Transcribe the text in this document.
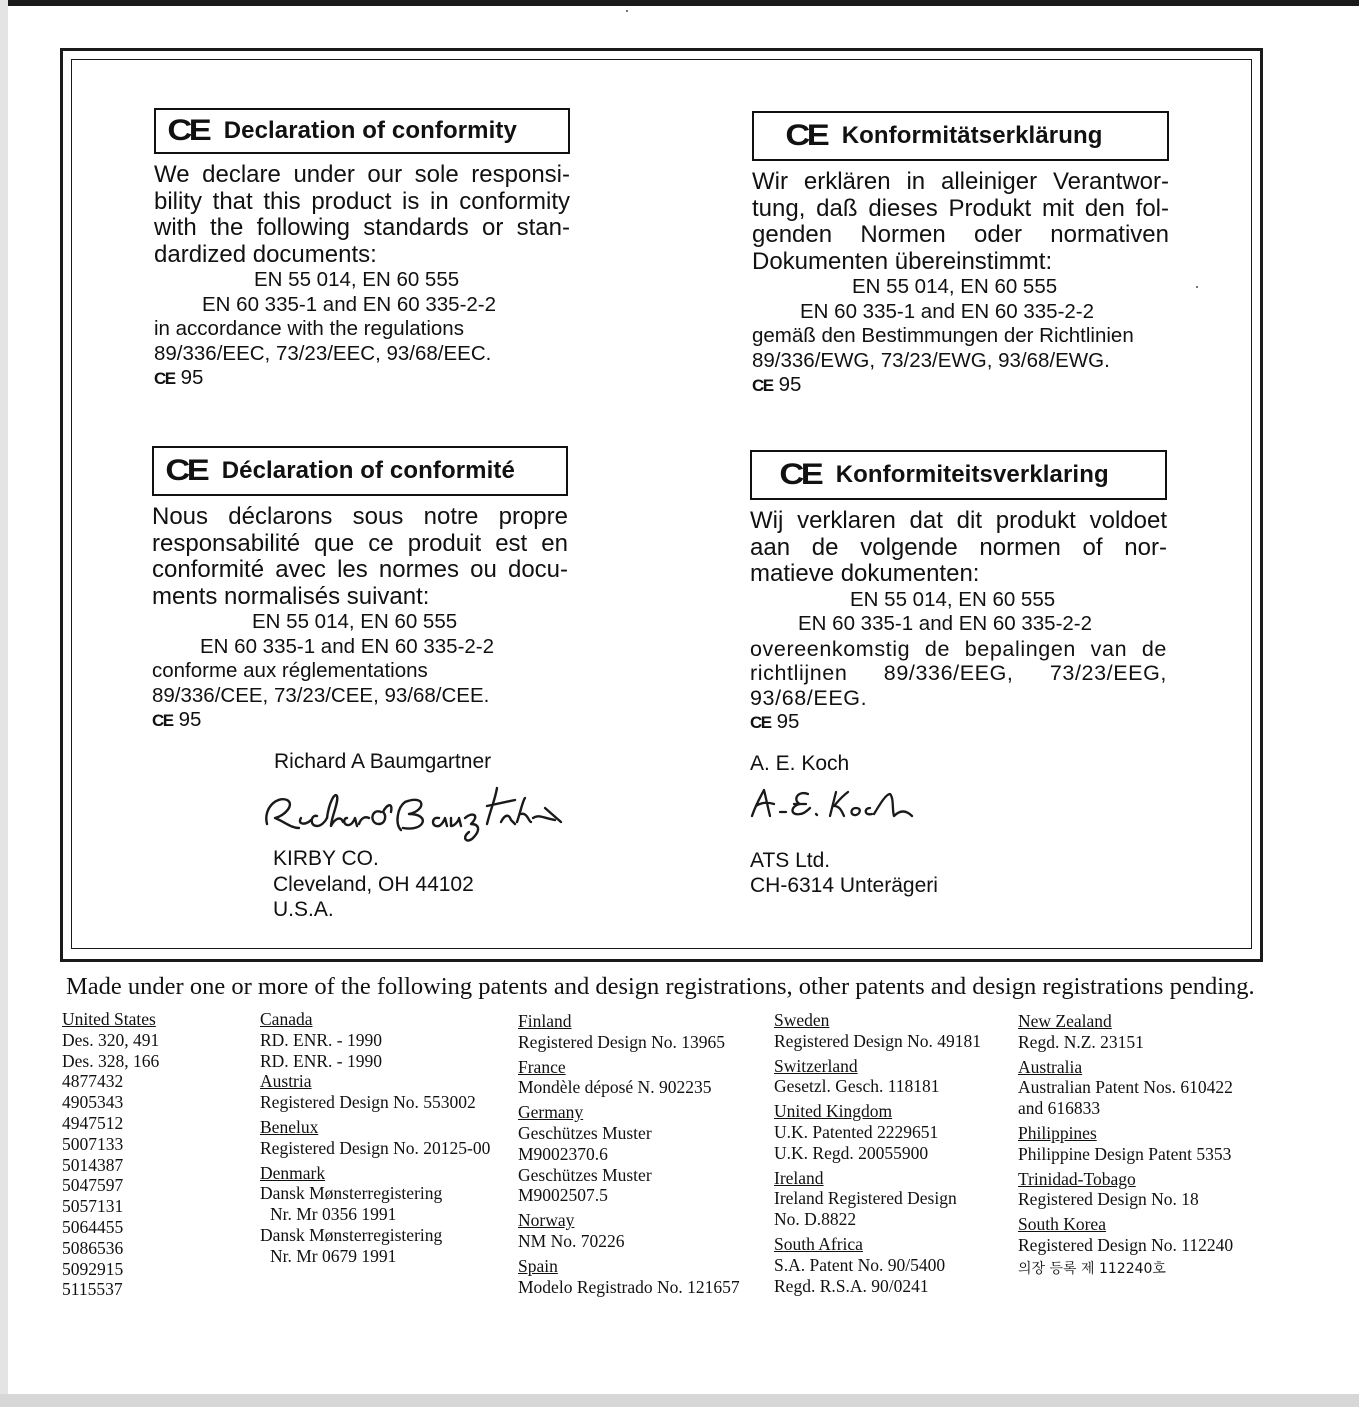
CE Declaration of conformity
We declare under our sole responsi-bility that this product is in conformity with the following standards or stan-dardized documents:
EN 55 014, EN 60 555
EN 60 335-1 and EN 60 335-2-2
in accordance with the regulations
89/336/EEC, 73/23/EEC, 93/68/EEC.
CE 95
CE Konformitätserklärung
Wir erklären in alleiniger Verantwor-tung, daß dieses Produkt mit den fol-genden Normen oder normativen Dokumenten übereinstimmt:
EN 55 014, EN 60 555
EN 60 335-1 and EN 60 335-2-2
gemäß den Bestimmungen der Richtlinien
89/336/EWG, 73/23/EWG, 93/68/EWG.
CE 95
CE Déclaration of conformité
Nous déclarons sous notre propre responsabilité que ce produit est en conformité avec les normes ou docu-ments normalisés suivant:
EN 55 014, EN 60 555
EN 60 335-1 and EN 60 335-2-2
conforme aux réglementations
89/336/CEE, 73/23/CEE, 93/68/CEE.
CE 95
CE Konformiteitsverklaring
Wij verklaren dat dit produkt voldoet aan de volgende normen of nor-matieve dokumenten:
EN 55 014, EN 60 555
EN 60 335-1 and EN 60 335-2-2
overeenkomstig de bepalingen van de richtlijnen 89/336/EEG, 73/23/EEG, 93/68/EEG.
CE 95
Richard A Baumgartner
KIRBY CO.
Cleveland, OH 44102
U.S.A.
A. E. Koch
ATS Ltd.
CH-6314 Unterägeri
Made under one or more of the following patents and design registrations, other patents and design registrations pending.
United States
Des. 320, 491
Des. 328, 166
4877432
4905343
4947512
5007133
5014387
5047597
5057131
5064455
5086536
5092915
5115537
Canada
RD. ENR. - 1990
RD. ENR. - 1990
Austria
Registered Design No. 553002
Benelux
Registered Design No. 20125-00
Denmark
Dansk Mønsterregistering
Nr. Mr 0356 1991
Dansk Mønsterregistering
Nr. Mr 0679 1991
Finland
Registered Design No. 13965
France
Mondèle déposé N. 902235
Germany
Geschützes Muster
M9002370.6
Geschützes Muster
M9002507.5
Norway
NM No. 70226
Spain
Modelo Registrado No. 121657
Sweden
Registered Design No. 49181
Switzerland
Gesetzl. Gesch. 118181
United Kingdom
U.K. Patented 2229651
U.K. Regd. 20055900
Ireland
Ireland Registered Design
No. D.8822
South Africa
S.A. Patent No. 90/5400
Regd. R.S.A. 90/0241
New Zealand
Regd. N.Z. 23151
Australia
Australian Patent Nos. 610422
and 616833
Philippines
Philippine Design Patent 5353
Trinidad-Tobago
Registered Design No. 18
South Korea
Registered Design No. 112240
의장 등록 제 112240호
